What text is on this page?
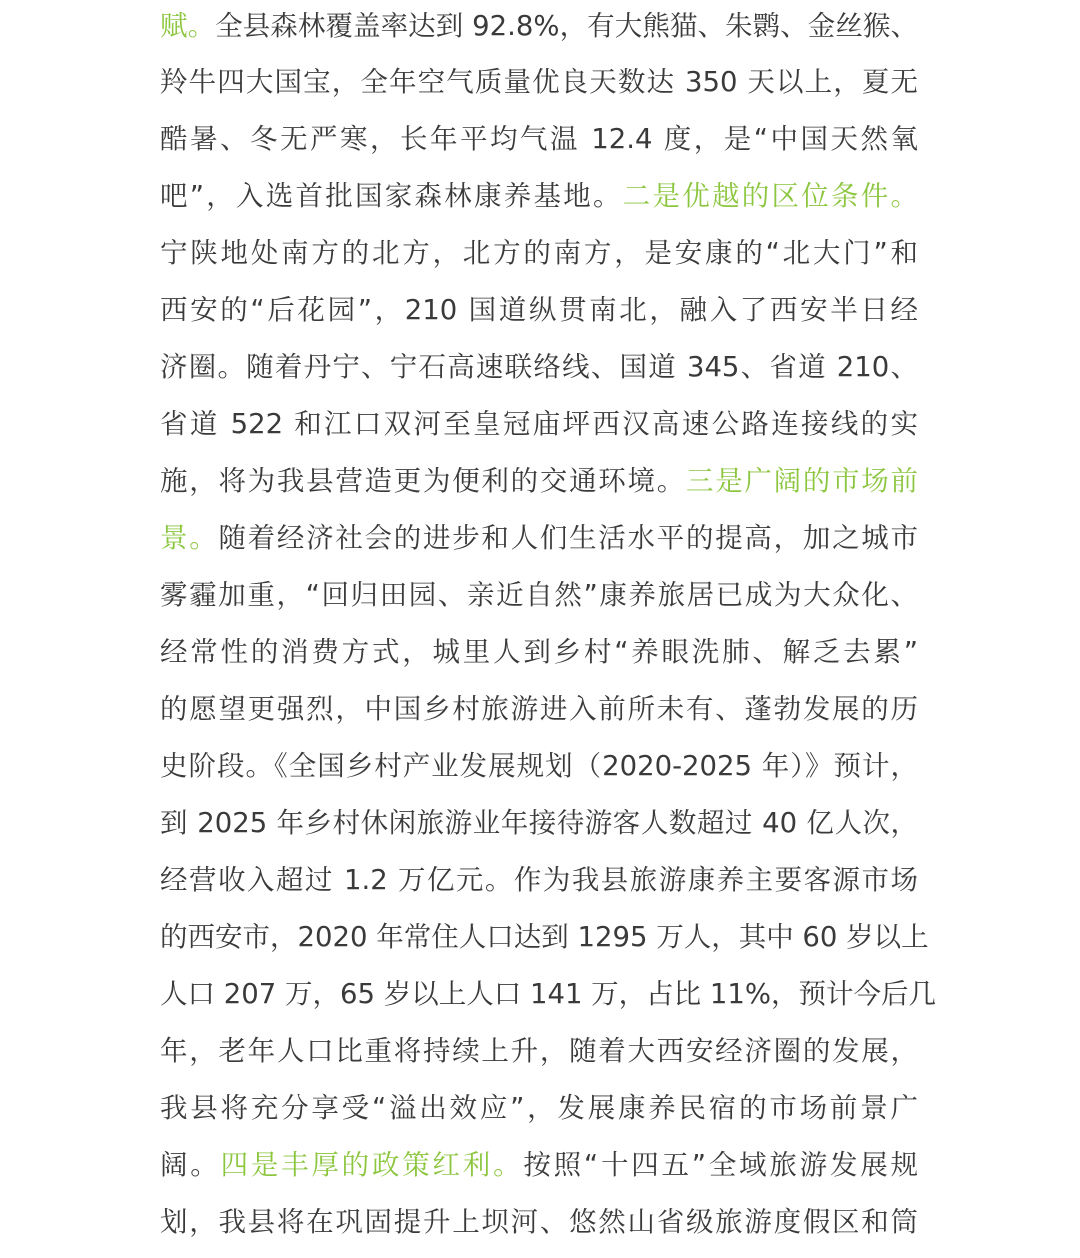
赋。全县森林覆盖率达到 92.8%，有大熊猫、朱鹮、金丝猴、
羚牛四大国宝，全年空气质量优良天数达 350 天以上，夏无
酷暑、冬无严寒，长年平均气温 12.4 度，是“中国天然氧
吧”，入选首批国家森林康养基地。二是优越的区位条件。
宁陕地处南方的北方，北方的南方，是安康的“北大门”和
西安的“后花园”，210 国道纵贯南北，融入了西安半日经
济圈。随着丹宁、宁石高速联络线、国道 345、省道 210、
省道 522 和江口双河至皇冠庙坪西汉高速公路连接线的实
施，将为我县营造更为便利的交通环境。三是广阔的市场前
景。随着经济社会的进步和人们生活水平的提高，加之城市
雾霾加重，“回归田园、亲近自然”康养旅居已成为大众化、
经常性的消费方式，城里人到乡村“养眼洗肺、解乏去累”
的愿望更强烈，中国乡村旅游进入前所未有、蓬勃发展的历
史阶段。《全国乡村产业发展规划（2020-2025 年）》预计，
到 2025 年乡村休闲旅游业年接待游客人数超过 40 亿人次，
经营收入超过 1.2 万亿元。作为我县旅游康养主要客源市场
的西安市，2020 年常住人口达到 1295 万人，其中 60 岁以上
人口 207 万，65 岁以上人口 141 万，占比 11%，预计今后几
年，老年人口比重将持续上升，随着大西安经济圈的发展，
我县将充分享受“溢出效应”，发展康养民宿的市场前景广
阔。四是丰厚的政策红利。按照“十四五”全域旅游发展规
划，我县将在巩固提升上坝河、悠然山省级旅游度假区和筒
